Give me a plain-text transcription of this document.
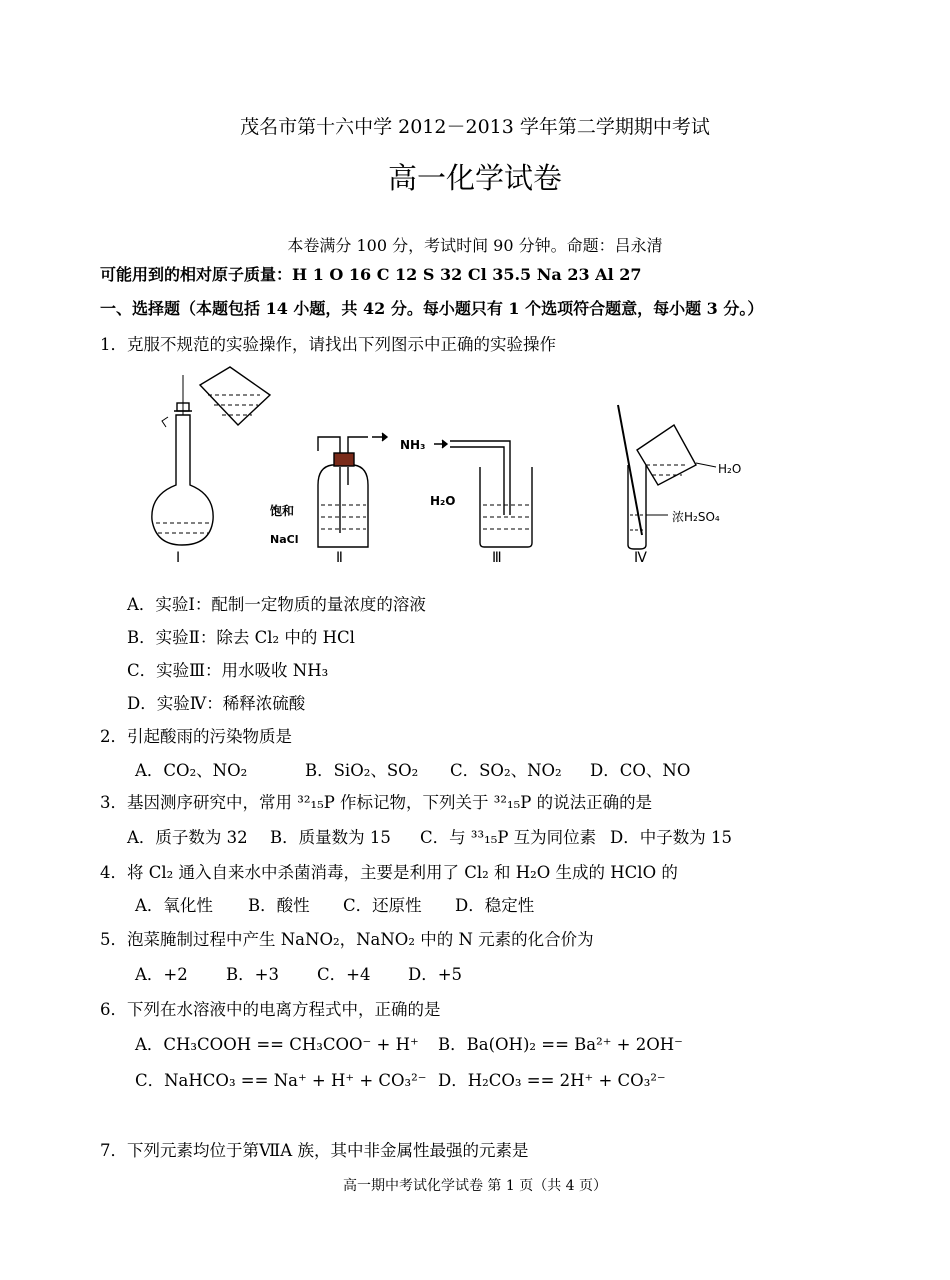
茂名市第十六中学 2012－2013 学年第二学期期中考试
高一化学试卷
本卷满分 100 分，考试时间 90 分钟。命题：吕永清
可能用到的相对原子质量：H 1 O 16 C 12 S 32 Cl 35.5 Na 23 Al 27
一、选择题（本题包括 14 小题，共 42 分。每小题只有 1 个选项符合题意，每小题 3 分。）
1．克服不规范的实验操作，请找出下列图示中正确的实验操作
Ⅰ	Ⅱ	Ⅲ	Ⅳ
饱和
NaCl
NH₃
H₂O
H₂O
浓H₂SO₄
A．实验Ⅰ：配制一定物质的量浓度的溶液
B．实验Ⅱ：除去 Cl₂ 中的 HCl
C．实验Ⅲ：用水吸收 NH₃
D．实验Ⅳ：稀释浓硫酸
2．引起酸雨的污染物质是
A．CO₂、NO₂	B．SiO₂、SO₂ C．SO₂、NO₂ D．CO、NO
3．基因测序研究中，常用 ³²₁₅P 作标记物，下列关于 ³²₁₅P 的说法正确的是
A．质子数为 32 B．质量数为 15 C．与 ³³₁₅P 互为同位素 D．中子数为 15
4．将 Cl₂ 通入自来水中杀菌消毒，主要是利用了 Cl₂ 和 H₂O 生成的 HClO 的
A．氧化性 B．酸性 C．还原性 D．稳定性
5．泡菜腌制过程中产生 NaNO₂，NaNO₂ 中的 N 元素的化合价为
A．+2 B．+3 C．+4 D．+5
6．下列在水溶液中的电离方程式中，正确的是
A．CH₃COOH == CH₃COO⁻ + H⁺ B．Ba(OH)₂ == Ba²⁺ + 2OH⁻
C．NaHCO₃ == Na⁺ + H⁺ + CO₃²⁻ D．H₂CO₃ == 2H⁺ + CO₃²⁻
7．下列元素均位于第ⅦA 族，其中非金属性最强的元素是
高一期中考试化学试卷 第 1 页（共 4 页）
